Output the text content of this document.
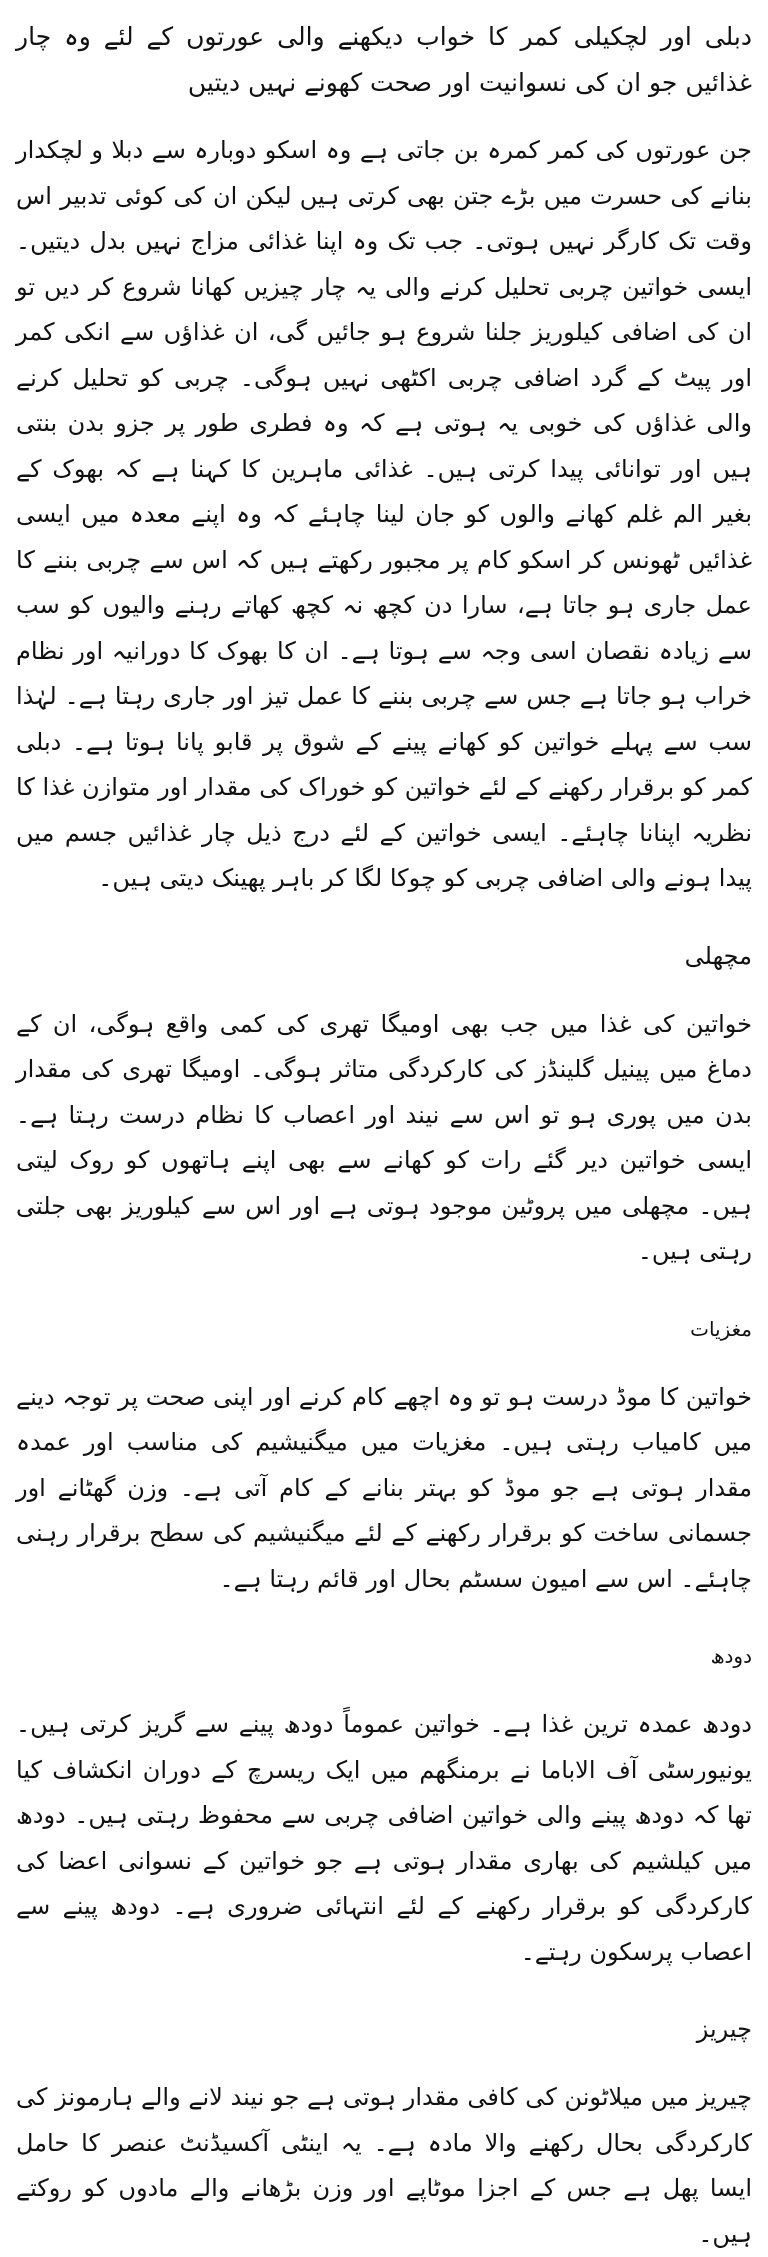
دبلی اور لچکیلی کمر کا خواب دیکھنے والی عورتوں کے لئے وہ چار غذائیں جو ان کی نسوانیت اور صحت کھونے نہیں دیتیں

جن عورتوں کی کمر کمرہ بن جاتی ہے وہ اسکو دوبارہ سے دبلا و لچکدار بنانے کی حسرت میں بڑے جتن بھی کرتی ہیں لیکن ان کی کوئی تدبیر اس وقت تک کارگر نہیں ہوتی۔ جب تک وہ اپنا غذائی مزاج نہیں بدل دیتیں۔ ایسی خواتین چربی تحلیل کرنے والی یہ چار چیزیں کھانا شروع کر دیں تو ان کی اضافی کیلوریز جلنا شروع ہو جائیں گی، ان غذاؤں سے انکی کمر اور پیٹ کے گرد اضافی چربی اکٹھی نہیں ہوگی۔ چربی کو تحلیل کرنے والی غذاؤں کی خوبی یہ ہوتی ہے کہ وہ فطری طور پر جزو بدن بنتی ہیں اور توانائی پیدا کرتی ہیں۔ غذائی ماہرین کا کہنا ہے کہ بھوک کے بغیر الم غلم کھانے والوں کو جان لینا چاہئے کہ وہ اپنے معدہ میں ایسی غذائیں ٹھونس کر اسکو کام پر مجبور رکھتے ہیں کہ اس سے چربی بننے کا عمل جاری ہو جاتا ہے، سارا دن کچھ نہ کچھ کھاتے رہنے والیوں کو سب سے زیادہ نقصان اسی وجہ سے ہوتا ہے۔ ان کا بھوک کا دورانیہ اور نظام خراب ہو جاتا ہے جس سے چربی بننے کا عمل تیز اور جاری رہتا ہے۔ لہٰذا سب سے پہلے خواتین کو کھانے پینے کے شوق پر قابو پانا ہوتا ہے۔ دبلی کمر کو برقرار رکھنے کے لئے خواتین کو خوراک کی مقدار اور متوازن غذا کا نظریہ اپنانا چاہئے۔ ایسی خواتین کے لئے درج ذیل چار غذائیں جسم میں پیدا ہونے والی اضافی چربی کو چوکا لگا کر باہر پھینک دیتی ہیں۔

مچھلی

خواتین کی غذا میں جب بھی اومیگا تھری کی کمی واقع ہوگی، ان کے دماغ میں پینیل گلینڈز کی کارکردگی متاثر ہوگی۔ اومیگا تھری کی مقدار بدن میں پوری ہو تو اس سے نیند اور اعصاب کا نظام درست رہتا ہے۔ ایسی خواتین دیر گئے رات کو کھانے سے بھی اپنے ہاتھوں کو روک لیتی ہیں۔ مچھلی میں پروٹین موجود ہوتی ہے اور اس سے کیلوریز بھی جلتی رہتی ہیں۔

مغزیات

خواتین کا موڈ درست ہو تو وہ اچھے کام کرنے اور اپنی صحت پر توجہ دینے میں کامیاب رہتی ہیں۔ مغزیات میں میگنیشیم کی مناسب اور عمدہ مقدار ہوتی ہے جو موڈ کو بہتر بنانے کے کام آتی ہے۔ وزن گھٹانے اور جسمانی ساخت کو برقرار رکھنے کے لئے میگنیشیم کی سطح برقرار رہنی چاہئے۔ اس سے امیون سسٹم بحال اور قائم رہتا ہے۔

دودھ

دودھ عمدہ ترین غذا ہے۔ خواتین عموماً دودھ پینے سے گریز کرتی ہیں۔ یونیورسٹی آف الاباما نے برمنگھم میں ایک ریسرچ کے دوران انکشاف کیا تھا کہ دودھ پینے والی خواتین اضافی چربی سے محفوظ رہتی ہیں۔ دودھ میں کیلشیم کی بھاری مقدار ہوتی ہے جو خواتین کے نسوانی اعضا کی کارکردگی کو برقرار رکھنے کے لئے انتہائی ضروری ہے۔ دودھ پینے سے اعصاب پرسکون رہتے۔

چیریز

چیریز میں میلاٹونن کی کافی مقدار ہوتی ہے جو نیند لانے والے ہارمونز کی کارکردگی بحال رکھنے والا مادہ ہے۔ یہ اینٹی آکسیڈنٹ عنصر کا حامل ایسا پھل ہے جس کے اجزا موٹاپے اور وزن بڑھانے والے مادوں کو روکتے ہیں۔
